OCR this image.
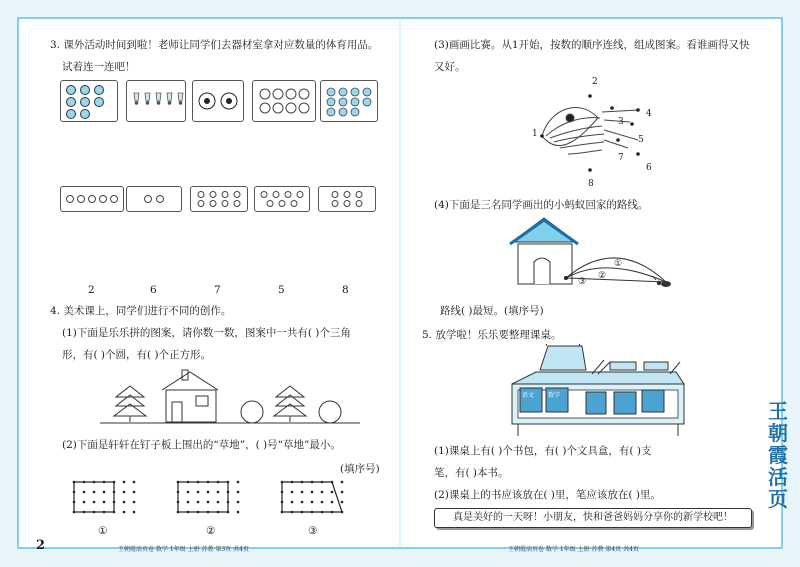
3. 课外活动时间到啦！老师让同学们去器材室拿对应数量的体育用品。
试着连一连吧！
2	6	7	5	8
4. 美术课上，同学们进行不同的创作。
(1)下面是乐乐拼的图案，请你数一数，图案中一共有( )个三角
形，有( )个圆，有( )个正方形。
(2)下面是轩轩在钉子板上围出的“草地”，( )号“草地”最小。
(填序号)
①	②	③
2	王朝霞活页卷 数学 1年级 上册 苏教 第3页 共4页
(3)画画比赛。从1开始，按数的顺序连线，组成图案。看谁画得又快
又好。
1
2
3
4
5
6
7
8
(4)下面是三名同学画出的小蚂蚁回家的路线。
①
②
③
路线( )最短。(填序号)
5. 放学啦！乐乐要整理课桌。
语文 数学
(1)课桌上有( )个书包，有( )个文具盒，有( )支
笔，有( )本书。
(2)课桌上的书应该放在( )里，笔应该放在( )里。
真是美好的一天呀！小朋友，快和爸爸妈妈分享你的新学校吧！
王朝霞活页卷 数学 1年级 上册 苏教 第4页 共4页
王朝霞活页
